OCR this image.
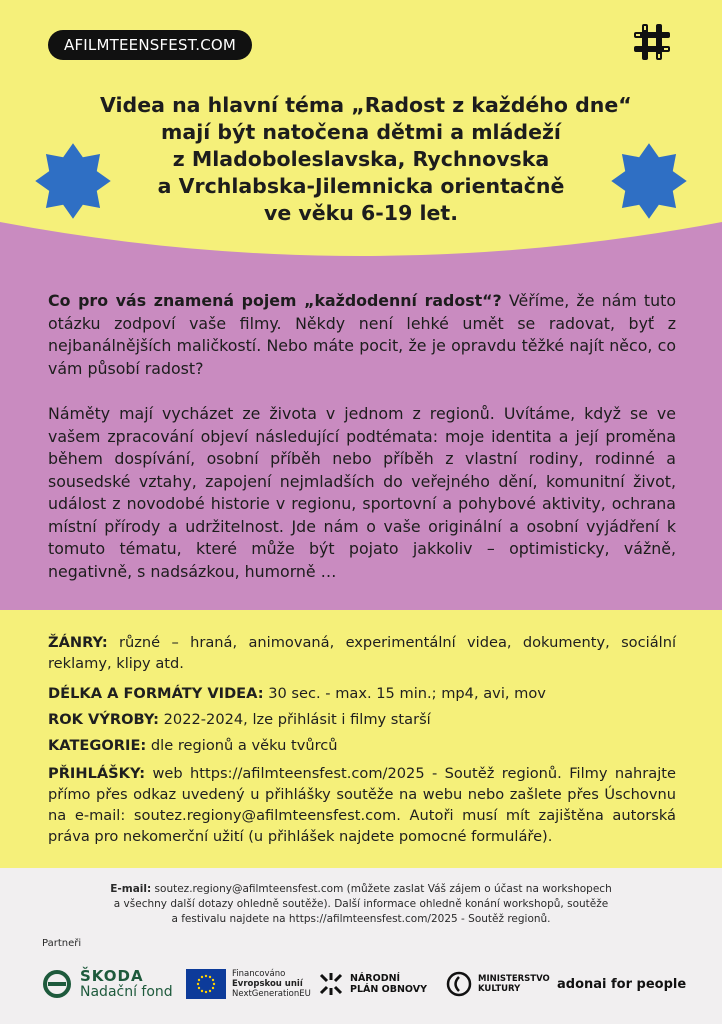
AFILMTEENSFEST.COM
Videa na hlavní téma „Radost z každého dne“
mají být natočena dětmi a mládeží
z Mladoboleslavska, Rychnovska
a Vrchlabska-Jilemnicka orientačně
ve věku 6-19 let.
Co pro vás znamená pojem „každodenní radost“? Věříme, že nám tuto otázku zodpoví vaše filmy. Někdy není lehké umět se radovat, byť z nejbanálnějších maličkostí. Nebo máte pocit, že je opravdu těžké najít něco, co vám působí radost?
Náměty mají vycházet ze života v jednom z regionů. Uvítáme, když se ve vašem zpracování objeví následující podtémata: moje identita a její proměna během dospívání, osobní příběh nebo příběh z vlastní rodiny, rodinné a sousedské vztahy, zapojení nejmladších do veřejného dění, komunitní život, událost z novodobé historie v regionu, sportovní a pohybové aktivity, ochrana místní přírody a udržitelnost. Jde nám o vaše originální a osobní vyjádření k tomuto tématu, které může být pojato jakkoliv – optimisticky, vážně, negativně, s nadsázkou, humorně …
ŽÁNRY: různé – hraná, animovaná, experimentální videa, dokumenty, sociální reklamy, klipy atd.
DÉLKA A FORMÁTY VIDEA: 30 sec. - max. 15 min.; mp4, avi, mov
ROK VÝROBY: 2022-2024, lze přihlásit i filmy starší
KATEGORIE: dle regionů a věku tvůrců
PŘIHLÁŠKY: web https://afilmteensfest.com/2025 - Soutěž regionů. Filmy nahrajte přímo přes odkaz uvedený u přihlášky soutěže na webu nebo zašlete přes Úschovnu na e-mail: soutez.regiony@afilmteensfest.com. Autoři musí mít zajištěna autorská práva pro nekomerční užití (u přihlášek najdete pomocné formuláře).
E-mail: soutez.regiony@afilmteensfest.com (můžete zaslat Váš zájem o účast na workshopech
a všechny další dotazy ohledně soutěže). Další informace ohledně konání workshopů, soutěže
a festivalu najdete na https://afilmteensfest.com/2025 - Soutěž regionů.
Partneři
ŠKODA
Nadační fond
Financováno
Evropskou unií
NextGenerationEU
NÁRODNÍ
PLÁN OBNOVY
MINISTERSTVO
KULTURY	adonai for people
